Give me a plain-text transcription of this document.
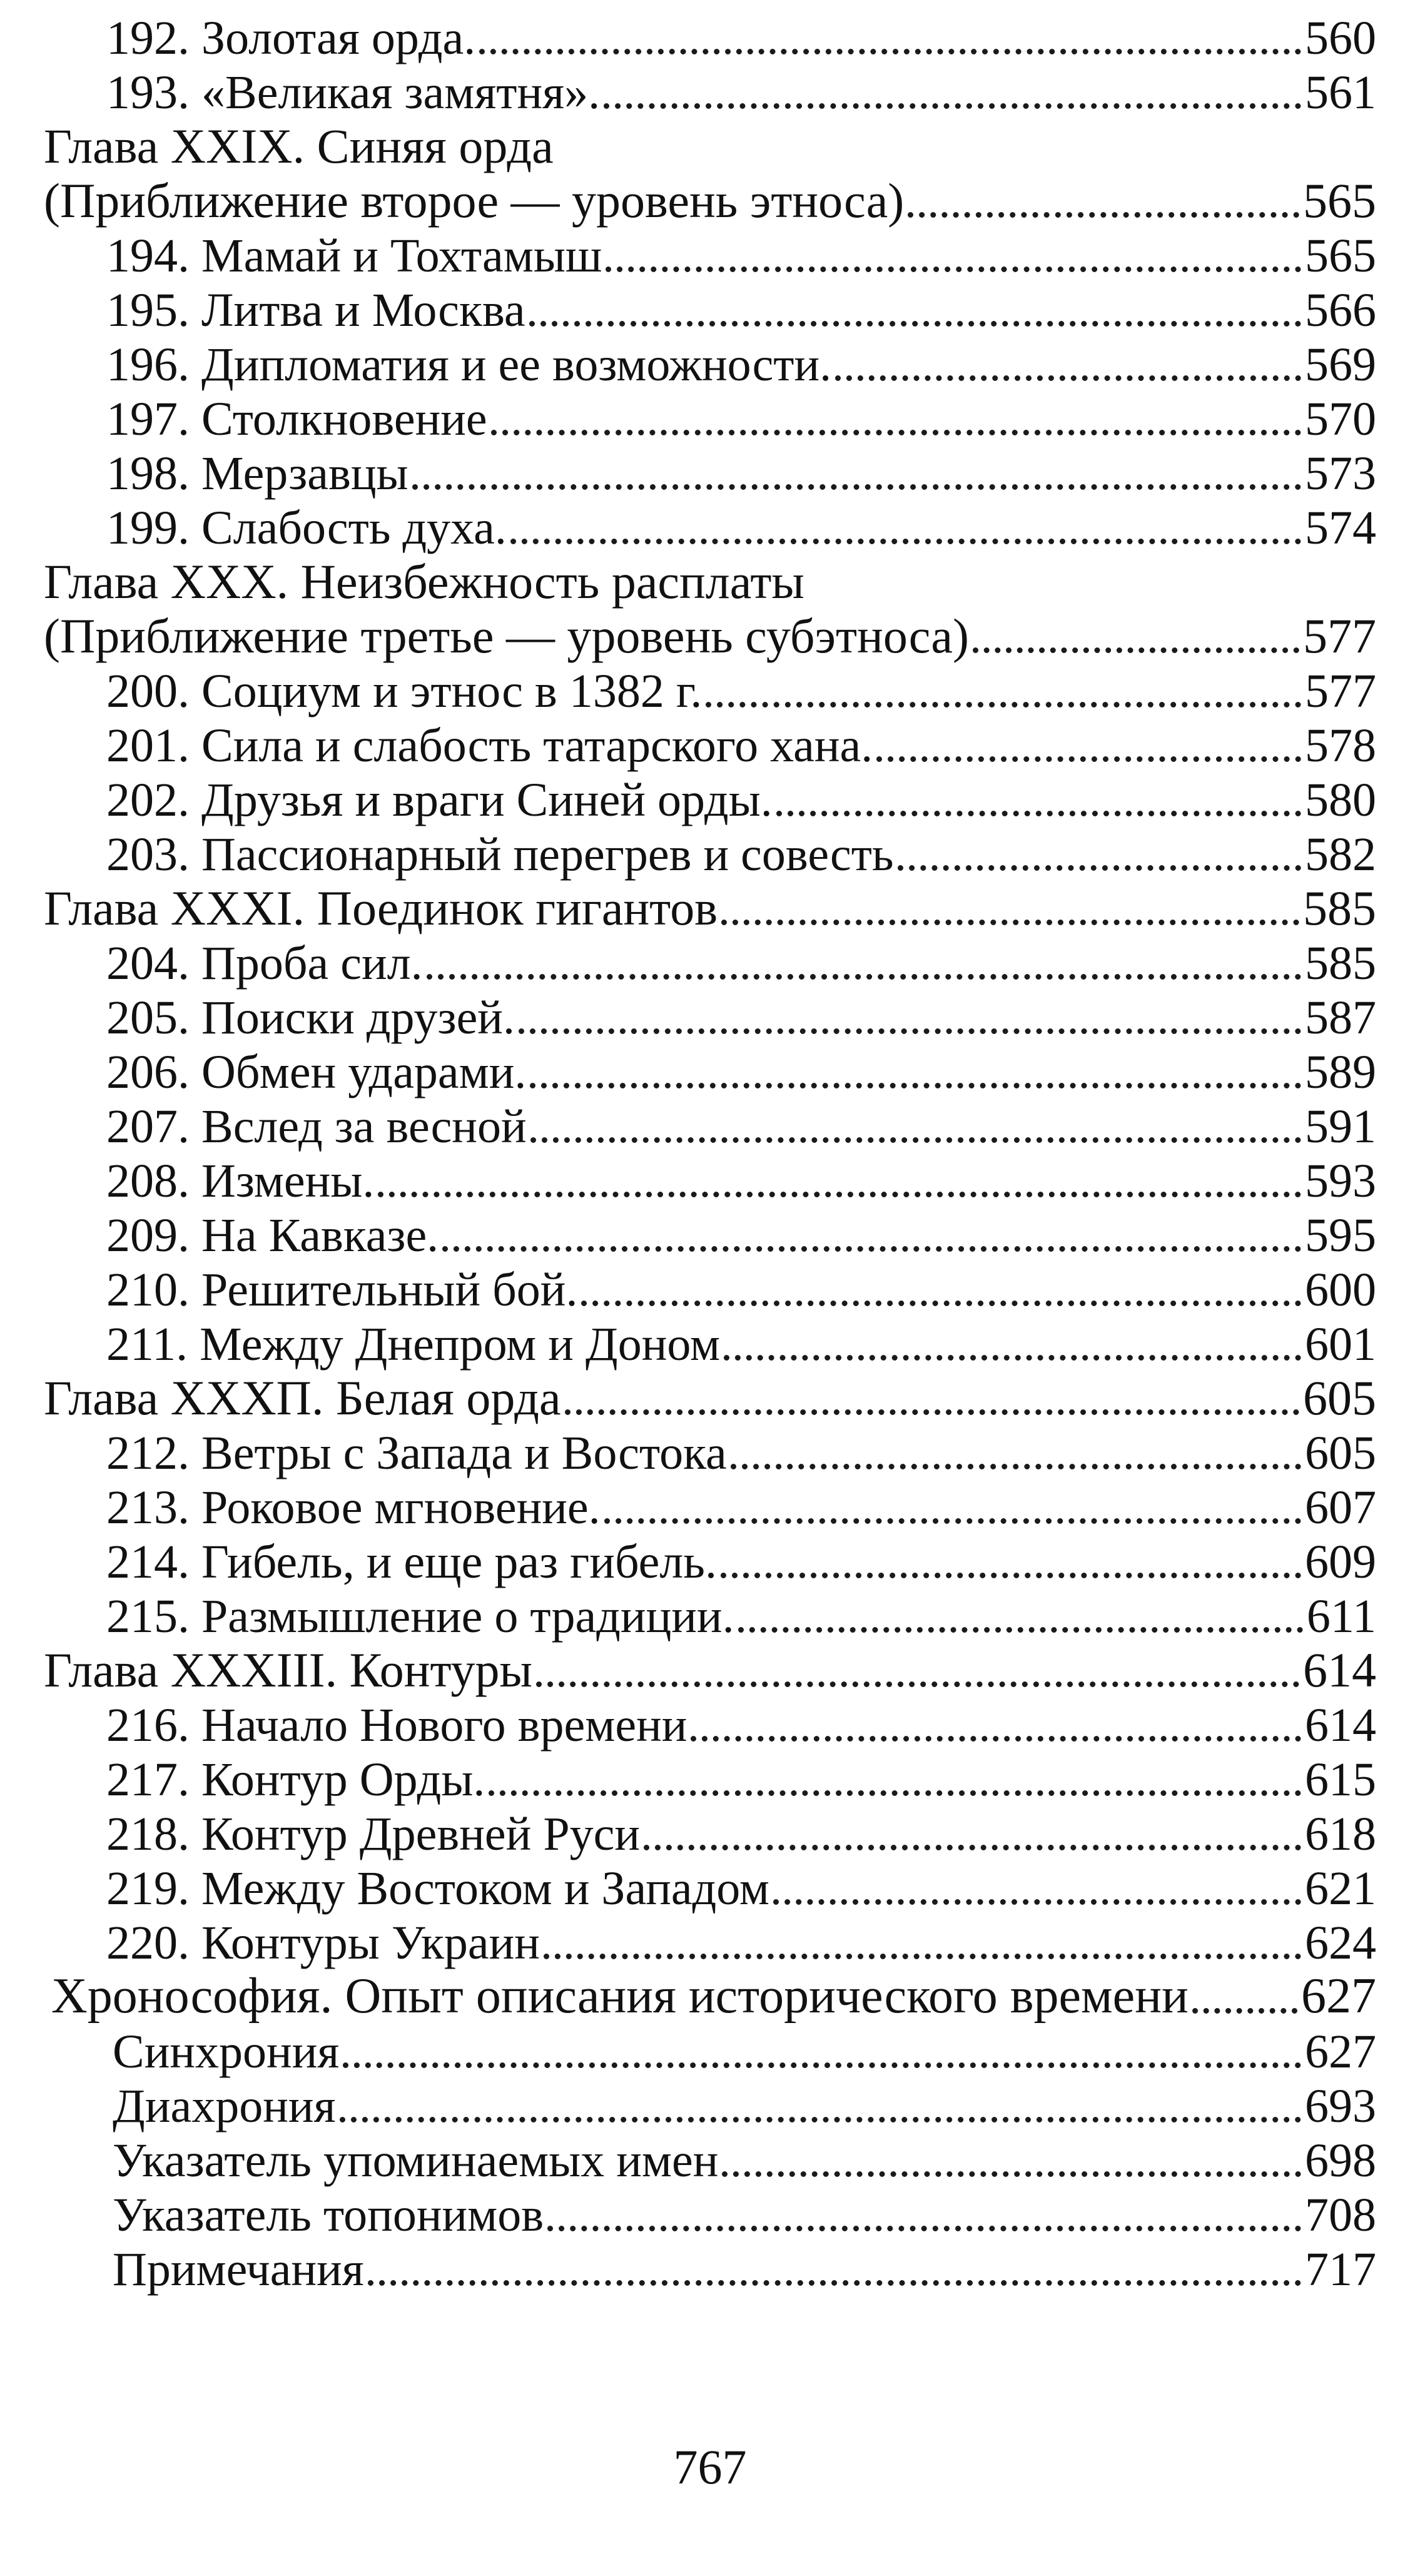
192. Золотая орда.	560
193. «Великая замятня».	561
Глава XXIX. Синяя орда
(Приближение второе — уровень этноса)	565
194. Мамай и Тохтамыш	565
195. Литва и Москва	566
196. Дипломатия и ее возможности.	569
197. Столкновение	570
198. Мерзавцы	573
199. Слабость духа.	574
Глава XXX. Неизбежность расплаты
(Приближение третье — уровень субэтноса)	577
200. Социум и этнос в 1382 г.	577
201. Сила и слабость татарского хана.	578
202. Друзья и враги Синей орды.	580
203. Пассионарный перегрев и совесть	582
Глава XXXI. Поединок гигантов	585
204. Проба сил.	585
205. Поиски друзей.	587
206. Обмен ударами.	589
207. Вслед за весной	591
208. Измены.	593
209. На Кавказе.	595
210. Решительный бой.	600
211. Между Днепром и Доном	601
Глава XXXП. Белая орда	605
212. Ветры с Запада и Востока	605
213. Роковое мгновение.	607
214. Гибель, и еще раз гибель.	609
215. Размышление о традиции.	611
Глава XXXIII. Контуры	614
216. Начало Нового времени	614
217. Контур Орды.	615
218. Контур Древней Руси	618
219. Между Востоком и Западом	621
220. Контуры Украин	624
Хронософия. Опыт описания исторического времени 627
Синхрония	627
Диахрония	693
Указатель упоминаемых имен	698
Указатель топонимов	708
Примечания	717
767
